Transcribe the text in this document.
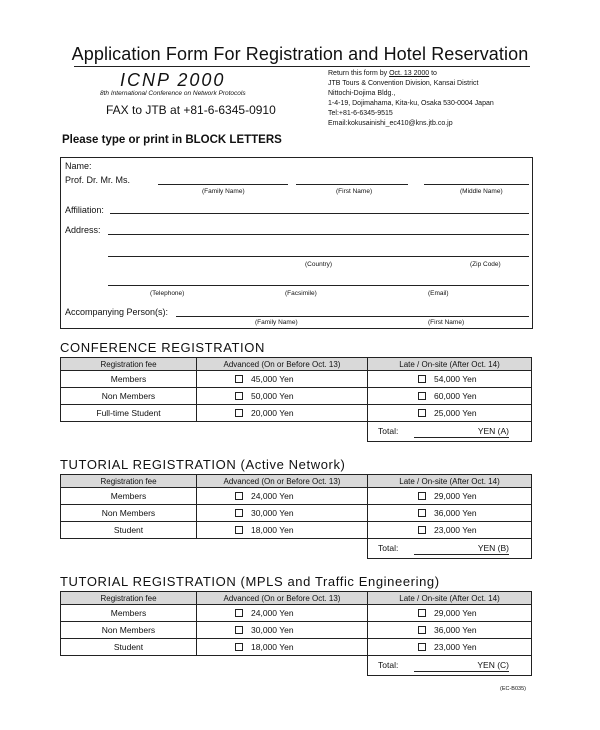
Application Form For Registration and Hotel Reservation
ICNP 2000
8th International Conference on Network Protocols
FAX to JTB at +81-6-6345-0910
Return this form by Oct. 13 2000 to
JTB Tours & Convention Division, Kansai District
Nittochi-Dojima Bldg.,
1-4-19, Dojimahama, Kita-ku, Osaka 530-0004 Japan
Tel:+81-6-6345-9515
Email:kokusainishi_ec410@kns.jtb.co.jp
Please type or print in BLOCK LETTERS
Name:
Prof. Dr. Mr. Ms.
(Family Name)	(First Name)	(Middle Name)
Affiliation:
Address:
(Country)	(Zip Code)
(Telephone)	(Facsimile)	(Email)
Accompanying Person(s):
(Family Name)	(First Name)
CONFERENCE REGISTRATION
Registration fee	Advanced (On or Before Oct. 13)	Late / On-site (After Oct. 14)
Members	45,000 Yen	54,000 Yen
Non Members	50,000 Yen	60,000 Yen
Full-time Student	20,000 Yen	25,000 Yen
		Total: YEN (A)
TUTORIAL REGISTRATION (Active Network)
Registration fee	Advanced (On or Before Oct. 13)	Late / On-site (After Oct. 14)
Members	24,000 Yen	29,000 Yen
Non Members	30,000 Yen	36,000 Yen
Student	18,000 Yen	23,000 Yen
		Total: YEN (B)
TUTORIAL REGISTRATION (MPLS and Traffic Engineering)
Registration fee	Advanced (On or Before Oct. 13)	Late / On-site (After Oct. 14)
Members	24,000 Yen	29,000 Yen
Non Members	30,000 Yen	36,000 Yen
Student	18,000 Yen	23,000 Yen
		Total: YEN (C)
(EC-B035)
